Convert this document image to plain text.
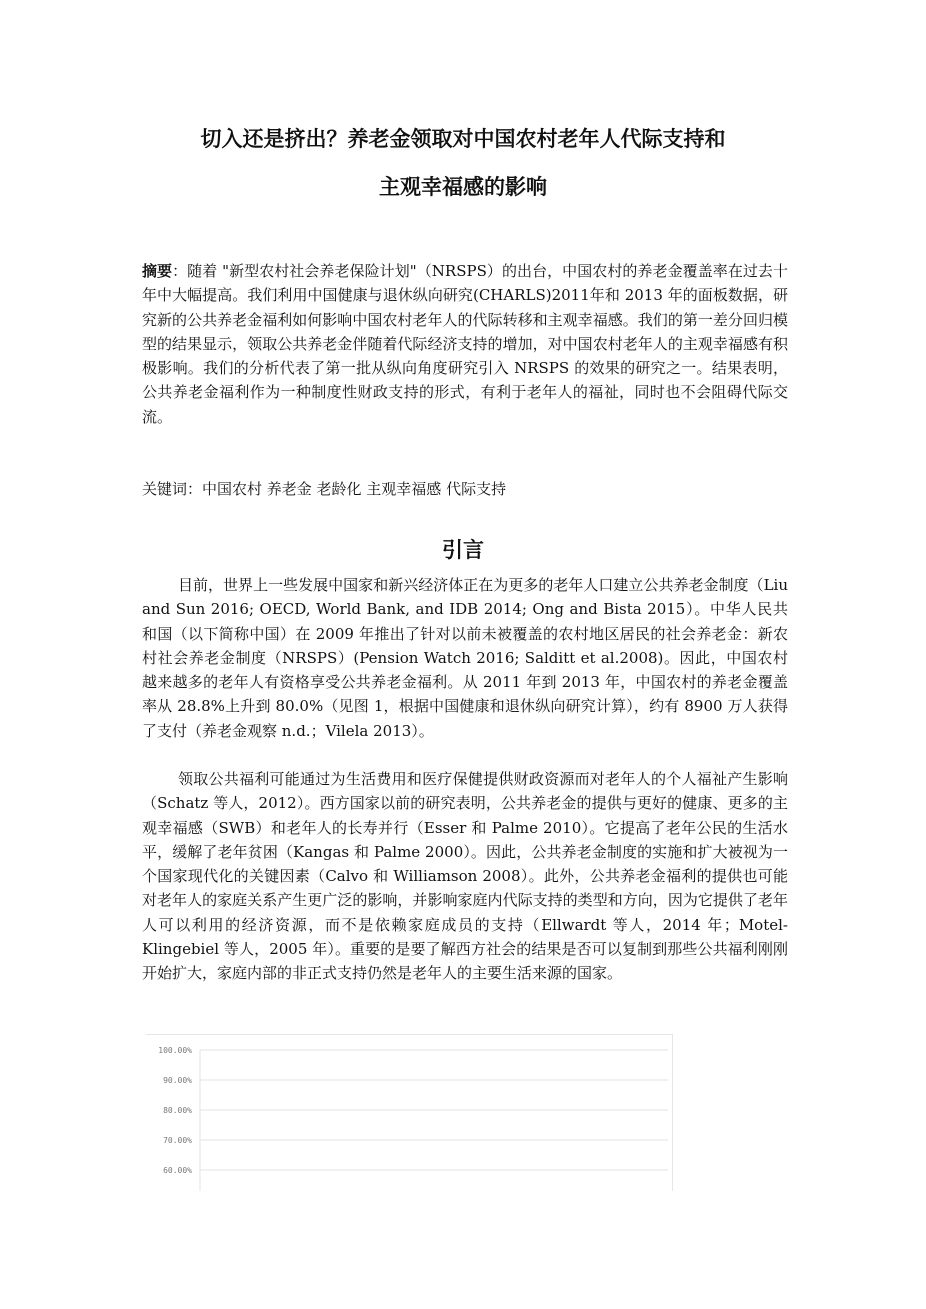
切入还是挤出？养老金领取对中国农村老年人代际支持和
主观幸福感的影响

摘要：随着 "新型农村社会养老保险计划"（NRSPS）的出台，中国农村的养老金覆盖率在过去十年中大幅提高。我们利用中国健康与退休纵向研究(CHARLS)2011年和 2013 年的面板数据，研究新的公共养老金福利如何影响中国农村老年人的代际转移和主观幸福感。我们的第一差分回归模型的结果显示，领取公共养老金伴随着代际经济支持的增加，对中国农村老年人的主观幸福感有积极影响。我们的分析代表了第一批从纵向角度研究引入 NRSPS 的效果的研究之一。结果表明，公共养老金福利作为一种制度性财政支持的形式，有利于老年人的福祉，同时也不会阻碍代际交流。

关键词：中国农村 养老金 老龄化 主观幸福感 代际支持

引言

目前，世界上一些发展中国家和新兴经济体正在为更多的老年人口建立公共养老金制度（Liu and Sun 2016; OECD, World Bank, and IDB 2014; Ong and Bista 2015）。中华人民共和国（以下简称中国）在 2009 年推出了针对以前未被覆盖的农村地区居民的社会养老金：新农村社会养老金制度（NRSPS）(Pension Watch 2016; Salditt et al.2008)。因此，中国农村越来越多的老年人有资格享受公共养老金福利。从 2011 年到 2013 年，中国农村的养老金覆盖率从 28.8%上升到 80.0%（见图 1，根据中国健康和退休纵向研究计算），约有 8900 万人获得了支付（养老金观察 n.d.；Vilela 2013）。

领取公共福利可能通过为生活费用和医疗保健提供财政资源而对老年人的个人福祉产生影响（Schatz 等人，2012）。西方国家以前的研究表明，公共养老金的提供与更好的健康、更多的主观幸福感（SWB）和老年人的长寿并行（Esser 和 Palme 2010）。它提高了老年公民的生活水平，缓解了老年贫困（Kangas 和 Palme 2000）。因此，公共养老金制度的实施和扩大被视为一个国家现代化的关键因素（Calvo 和 Williamson 2008）。此外，公共养老金福利的提供也可能对老年人的家庭关系产生更广泛的影响，并影响家庭内代际支持的类型和方向，因为它提供了老年人可以利用的经济资源，而不是依赖家庭成员的支持（Ellwardt 等人，2014 年；Motel-Klingebiel 等人，2005 年）。重要的是要了解西方社会的结果是否可以复制到那些公共福利刚刚开始扩大，家庭内部的非正式支持仍然是老年人的主要生活来源的国家。

100.00%
90.00%
80.00%
70.00%
60.00%
